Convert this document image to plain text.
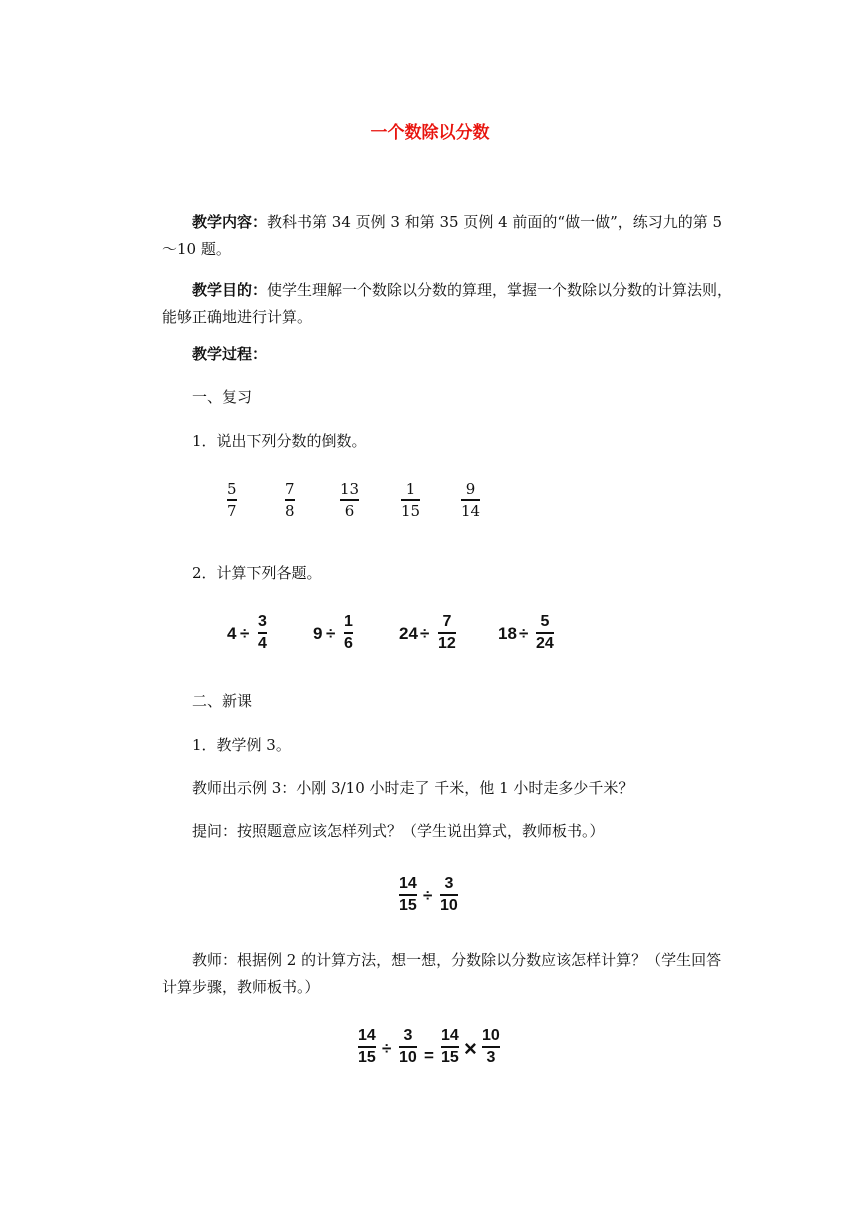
一个数除以分数
教学内容：教科书第 34 页例 3 和第 35 页例 4 前面的“做一做”，练习九的第 5～10 题。
教学目的：使学生理解一个数除以分数的算理，掌握一个数除以分数的计算法则，能够正确地进行计算。
教学过程：
一、复习
1．说出下列分数的倒数。
5
7
7
8
13
6
1
15
9
14
2．计算下列各题。
4 ÷
3
4	9 ÷
1
6	24 ÷
7
12 18 ÷
5
24
二、新课
1．教学例 3。
教师出示例 3：小刚 3/10 小时走了 千米，他 1 小时走多少千米？
提问：按照题意应该怎样列式？（学生说出算式，教师板书。）
14
15 ÷
3
10
教师：根据例 2 的计算方法，想一想，分数除以分数应该怎样计算？（学生回答计算步骤，教师板书。）
14
15 ÷
3
10 =
14
15 ×
10
3
